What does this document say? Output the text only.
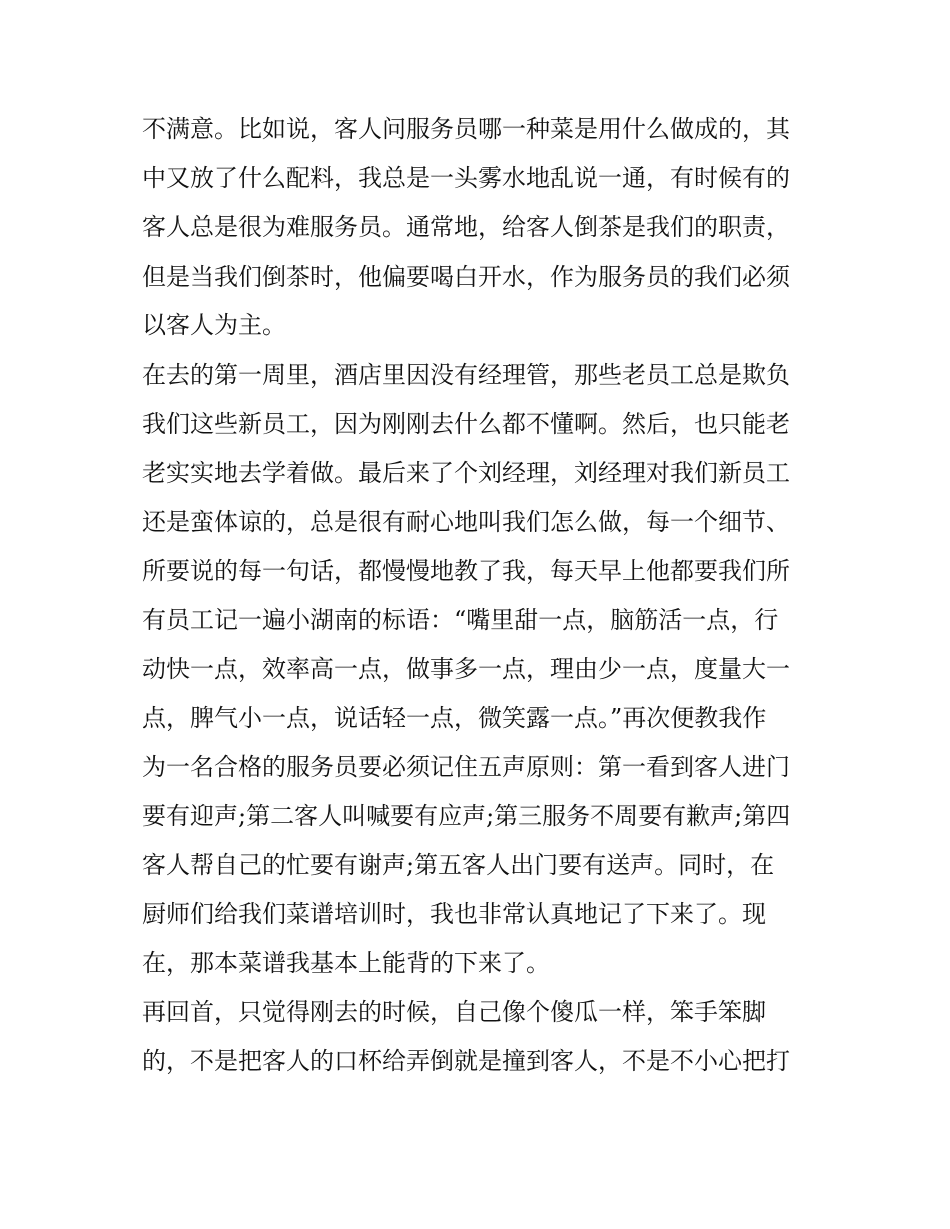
不满意。比如说，客人问服务员哪一种菜是用什么做成的，其
中又放了什么配料，我总是一头雾水地乱说一通，有时候有的
客人总是很为难服务员。通常地，给客人倒茶是我们的职责，
但是当我们倒茶时，他偏要喝白开水，作为服务员的我们必须
以客人为主。
在去的第一周里，酒店里因没有经理管，那些老员工总是欺负
我们这些新员工，因为刚刚去什么都不懂啊。然后，也只能老
老实实地去学着做。最后来了个刘经理，刘经理对我们新员工
还是蛮体谅的，总是很有耐心地叫我们怎么做，每一个细节、
所要说的每一句话，都慢慢地教了我，每天早上他都要我们所
有员工记一遍小湖南的标语：“嘴里甜一点，脑筋活一点，行
动快一点，效率高一点，做事多一点，理由少一点，度量大一
点，脾气小一点，说话轻一点，微笑露一点。”再次便教我作
为一名合格的服务员要必须记住五声原则：第一看到客人进门
要有迎声;第二客人叫喊要有应声;第三服务不周要有歉声;第四
客人帮自己的忙要有谢声;第五客人出门要有送声。同时，在
厨师们给我们菜谱培训时，我也非常认真地记了下来了。现
在，那本菜谱我基本上能背的下来了。
再回首，只觉得刚去的时候，自己像个傻瓜一样，笨手笨脚
的，不是把客人的口杯给弄倒就是撞到客人，不是不小心把打
